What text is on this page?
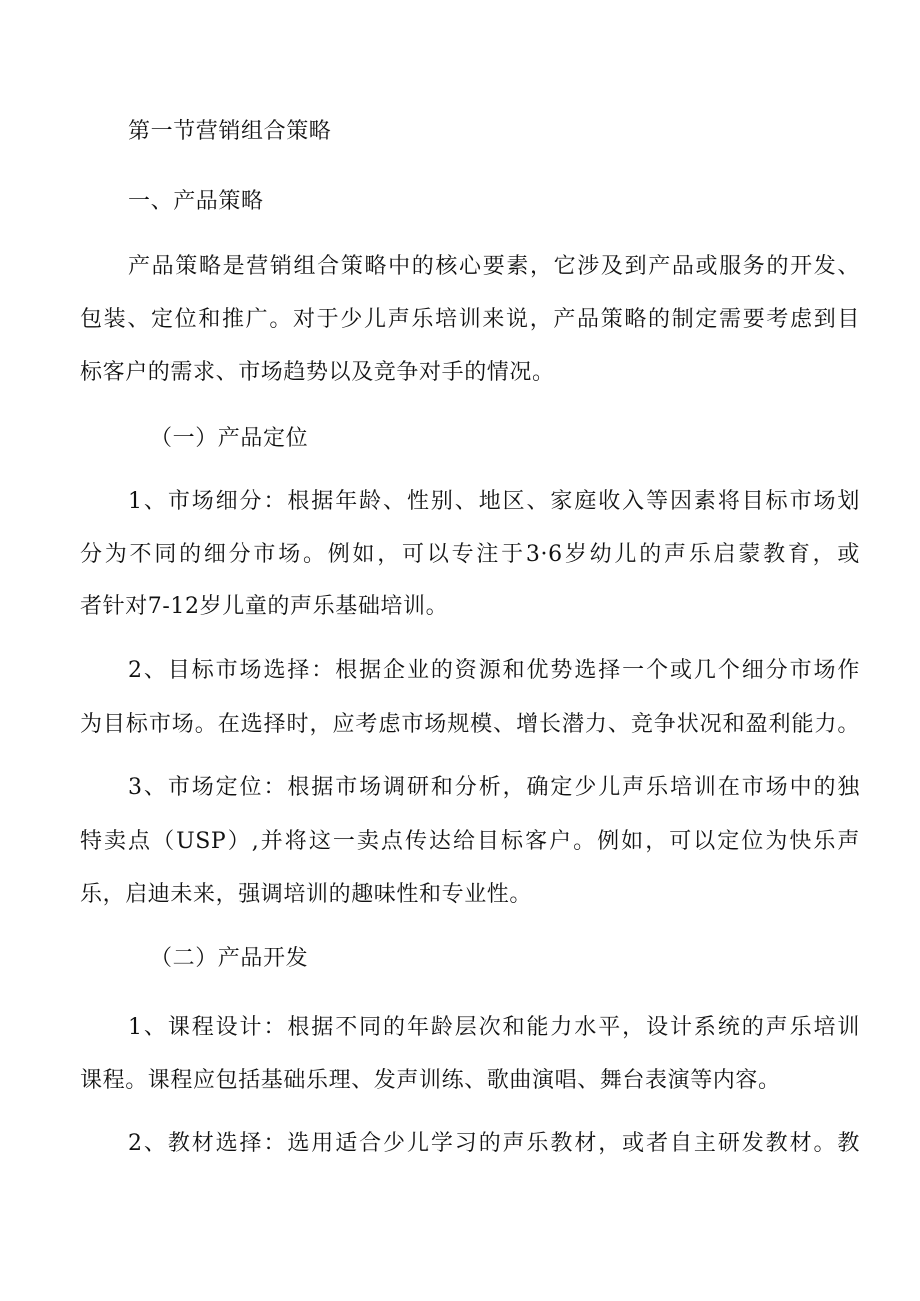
第一节营销组合策略
一、产品策略
产品策略是营销组合策略中的核心要素，它涉及到产品或服务的开发、
包装、定位和推广。对于少儿声乐培训来说，产品策略的制定需要考虑到目
标客户的需求、市场趋势以及竞争对手的情况。
（一）产品定位
1、市场细分：根据年龄、性别、地区、家庭收入等因素将目标市场划
分为不同的细分市场。例如，可以专注于3·6岁幼儿的声乐启蒙教育，或
者针对7-12岁儿童的声乐基础培训。
2、目标市场选择：根据企业的资源和优势选择一个或几个细分市场作
为目标市场。在选择时，应考虑市场规模、增长潜力、竞争状况和盈利能力。
3、市场定位：根据市场调研和分析，确定少儿声乐培训在市场中的独
特卖点（USP）,并将这一卖点传达给目标客户。例如，可以定位为快乐声
乐，启迪未来，强调培训的趣味性和专业性。
（二）产品开发
1、课程设计：根据不同的年龄层次和能力水平，设计系统的声乐培训
课程。课程应包括基础乐理、发声训练、歌曲演唱、舞台表演等内容。
2、教材选择：选用适合少儿学习的声乐教材，或者自主研发教材。教
